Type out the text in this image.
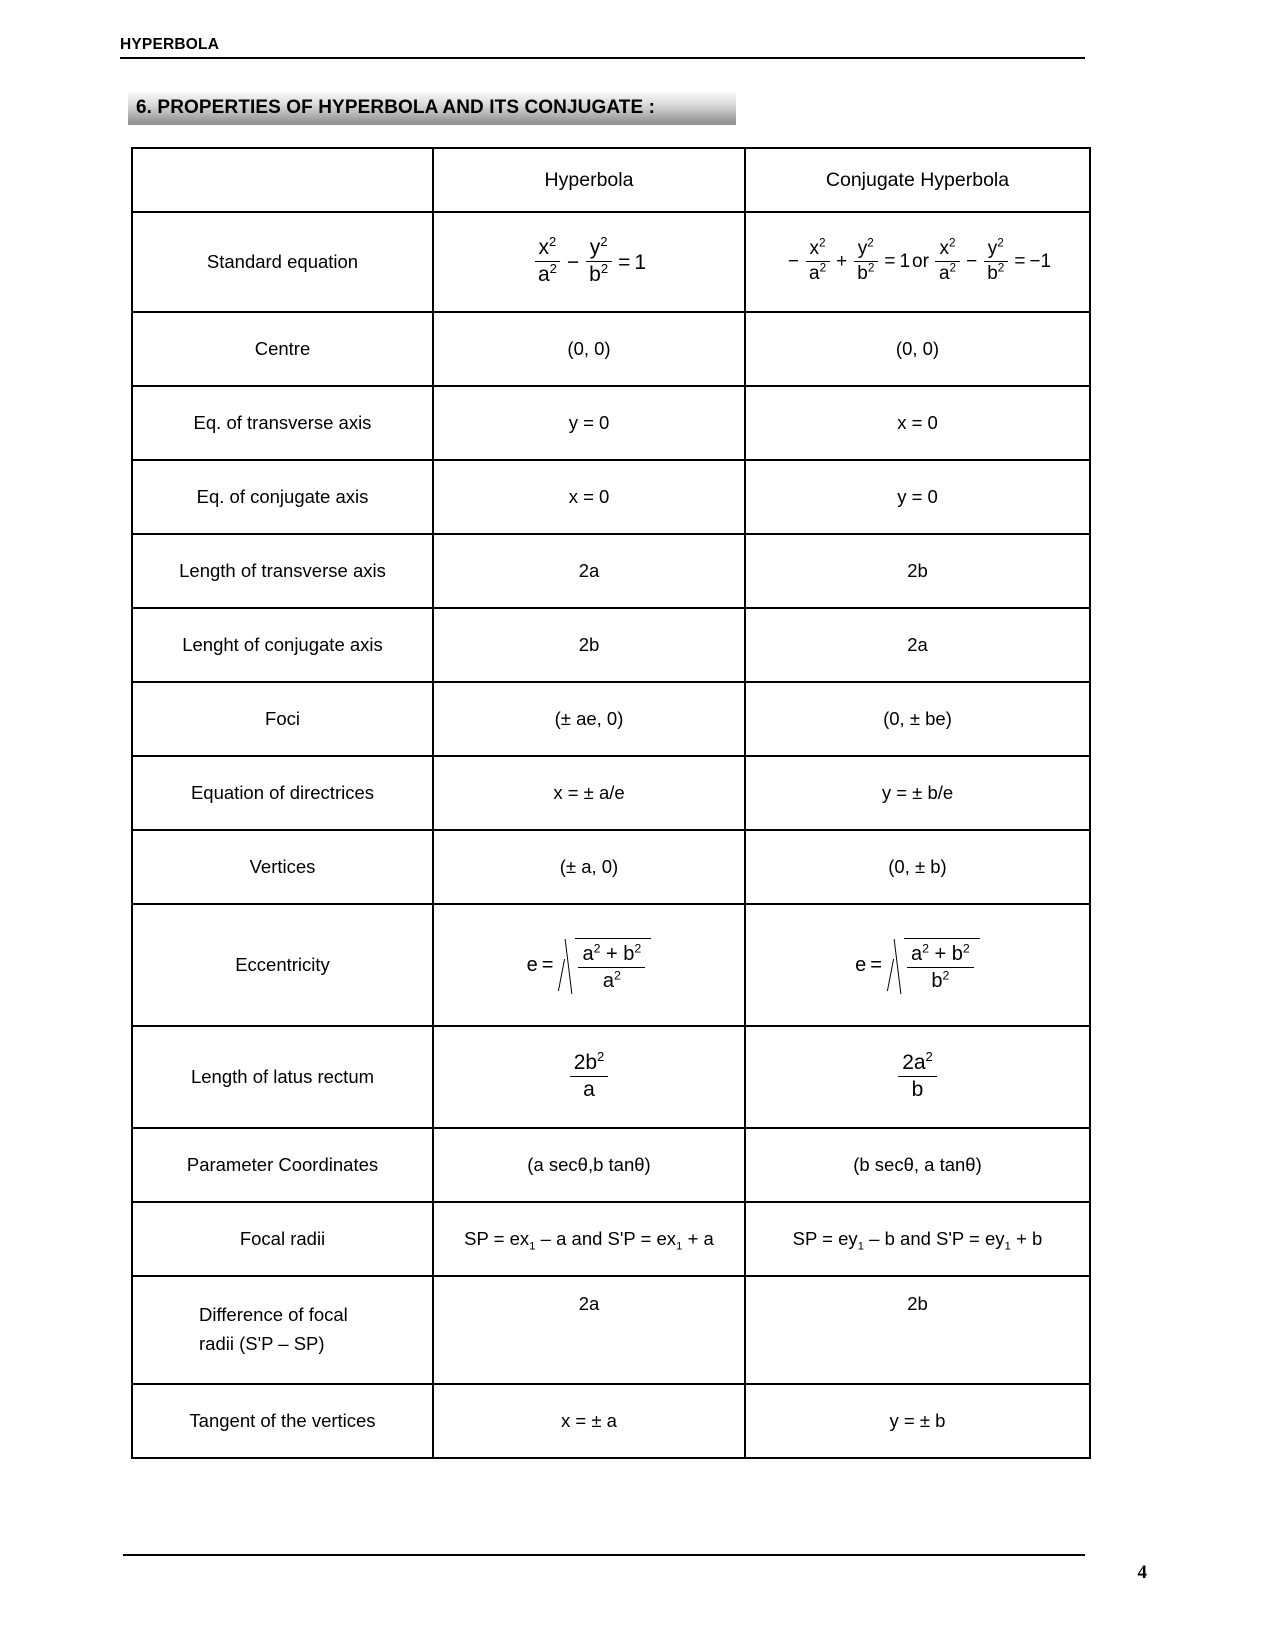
HYPERBOLA
6. PROPERTIES OF HYPERBOLA AND ITS CONJUGATE :
	Hyperbola	Conjugate Hyperbola
Standard equation	$\frac{x^2}{a^2} - \frac{y^2}{b^2} = 1$	− $\frac{x^2}{a^2} + \frac{y^2}{b^2} = 1$ or $\frac{x^2}{a^2} - \frac{y^2}{b^2} = -1$

Centre	(0, 0)	(0, 0)
Eq. of transverse axis	y = 0	x = 0
Eq. of conjugate axis	x = 0	y = 0
Length of transverse axis	2a	2b
Lenght of conjugate axis	2b	2a
Foci	(± ae, 0)	(0, ± be)
Equation of directrices	x = ± a/e	y = ± b/e
Vertices	(± a, 0)	(0, ± b)
Eccentricity	$e = \frac{a^2 + b^2}{a^2}$	$e = \frac{a^2 + b^2}{b^2}$

Length of latus rectum	$\frac{2b^2}{a}$	$\frac{2a^2}{b}$

Parameter Coordinates	(a secθ,b tanθ)	(b secθ, a tanθ)
Focal radii	SP = $ex_1$ – a and $S'P = ex_1 + a$	SP = $ey_1$ – b and $S'P = ey_1 + b$
Difference of focal
radii (S'P – SP)	2a	2b
Tangent of the vertices	x = ± a	y = ± b
4
